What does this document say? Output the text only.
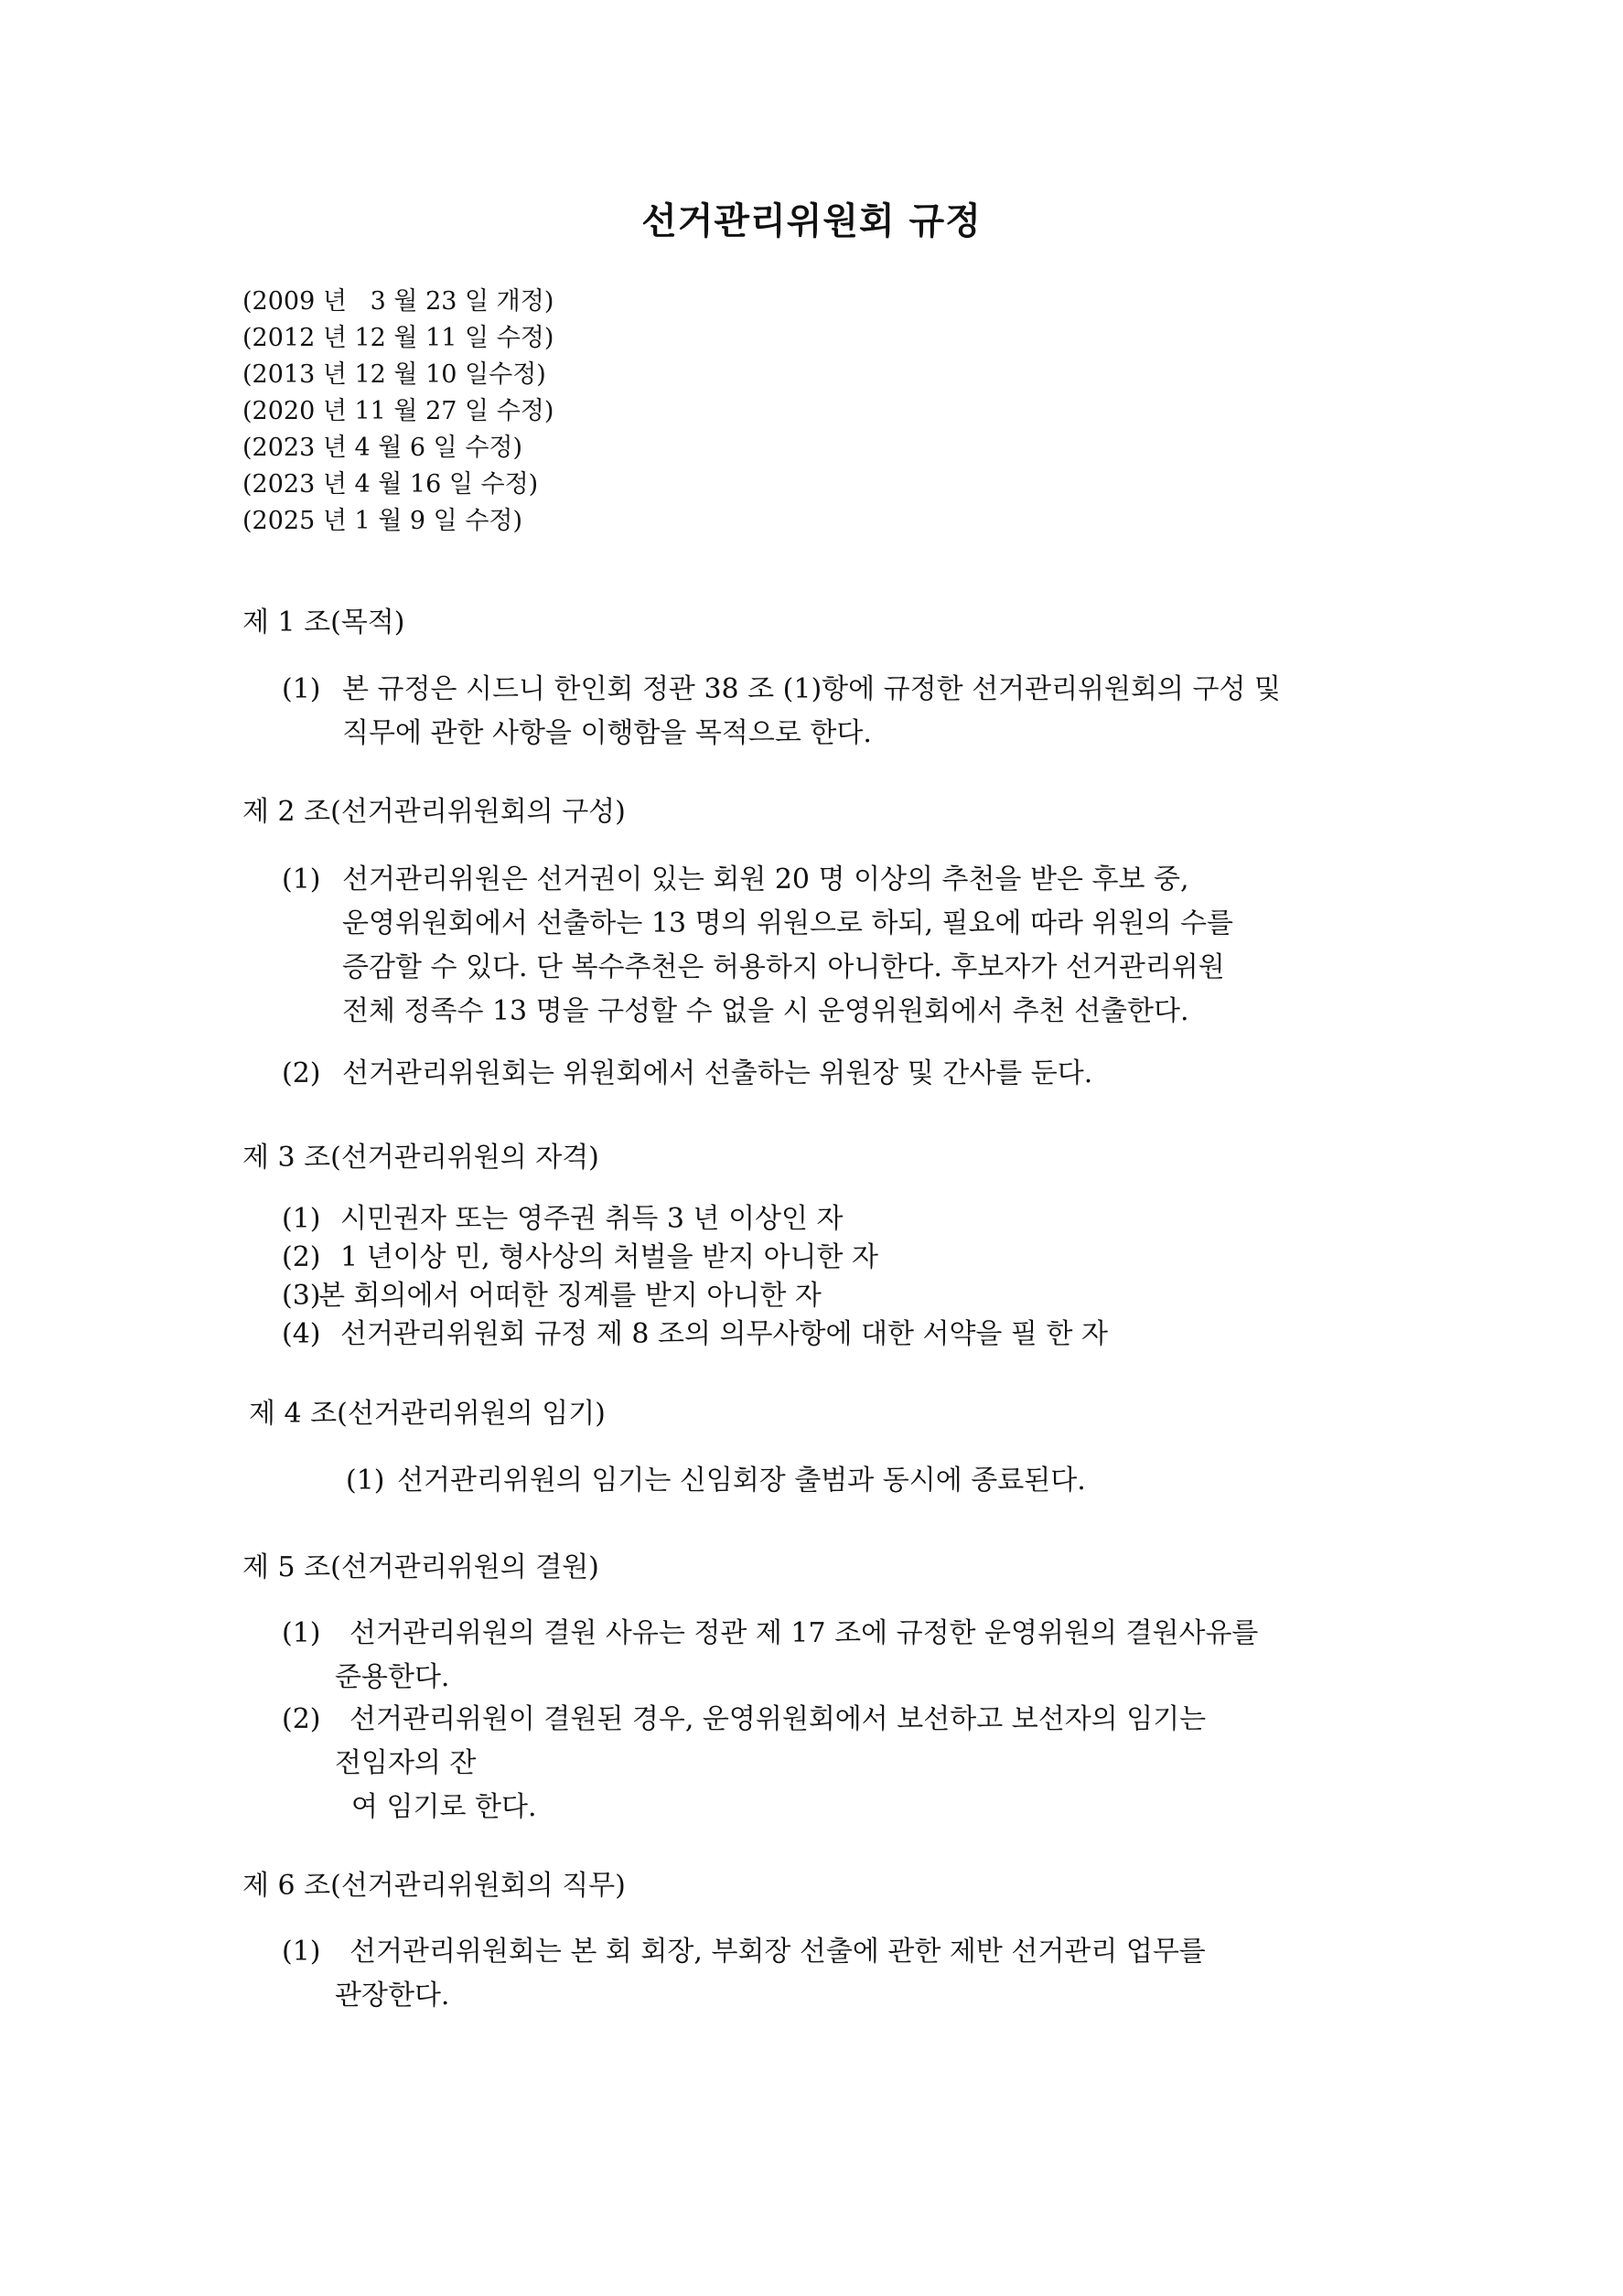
선거관리위원회 규정
(2009 년   3 월 23 일 개정)
(2012 년 12 월 11 일 수정)
(2013 년 12 월 10 일수정)
(2020 년 11 월 27 일 수정)
(2023 년 4 월 6 일 수정)
(2023 년 4 월 16 일 수정)
(2025 년 1 월 9 일 수정)
제 1 조(목적)
(1) 본 규정은 시드니 한인회 정관 38 조 (1)항에 규정한 선거관리위원회의 구성 및
직무에 관한 사항을 이행함을 목적으로 한다.
제 2 조(선거관리위원회의 구성)
(1) 선거관리위원은 선거권이 있는 회원 20 명 이상의 추천을 받은 후보 중,
운영위원회에서 선출하는 13 명의 위원으로 하되, 필요에 따라 위원의 수를
증감할 수 있다. 단 복수추천은 허용하지 아니한다. 후보자가 선거관리위원
전체 정족수 13 명을 구성할 수 없을 시 운영위원회에서 추천 선출한다.
(2) 선거관리위원회는 위원회에서 선출하는 위원장 및 간사를 둔다.
제 3 조(선거관리위원의 자격)
(1) 시민권자 또는 영주권 취득 3 년 이상인 자
(2) 1 년이상 민, 형사상의 처벌을 받지 아니한 자
(3)본 회의에서 어떠한 징계를 받지 아니한 자
(4) 선거관리위원회 규정 제 8 조의 의무사항에 대한 서약을 필 한 자
제 4 조(선거관리위원의 임기)
(1) 선거관리위원의 임기는 신임회장 출범과 동시에 종료된다.
제 5 조(선거관리위원의 결원)
(1) 선거관리위원의 결원 사유는 정관 제 17 조에 규정한 운영위원의 결원사유를
준용한다.
(2) 선거관리위원이 결원된 경우, 운영위원회에서 보선하고 보선자의 임기는
전임자의 잔
여 임기로 한다.
제 6 조(선거관리위원회의 직무)
(1) 선거관리위원회는 본 회 회장, 부회장 선출에 관한 제반 선거관리 업무를
관장한다.
